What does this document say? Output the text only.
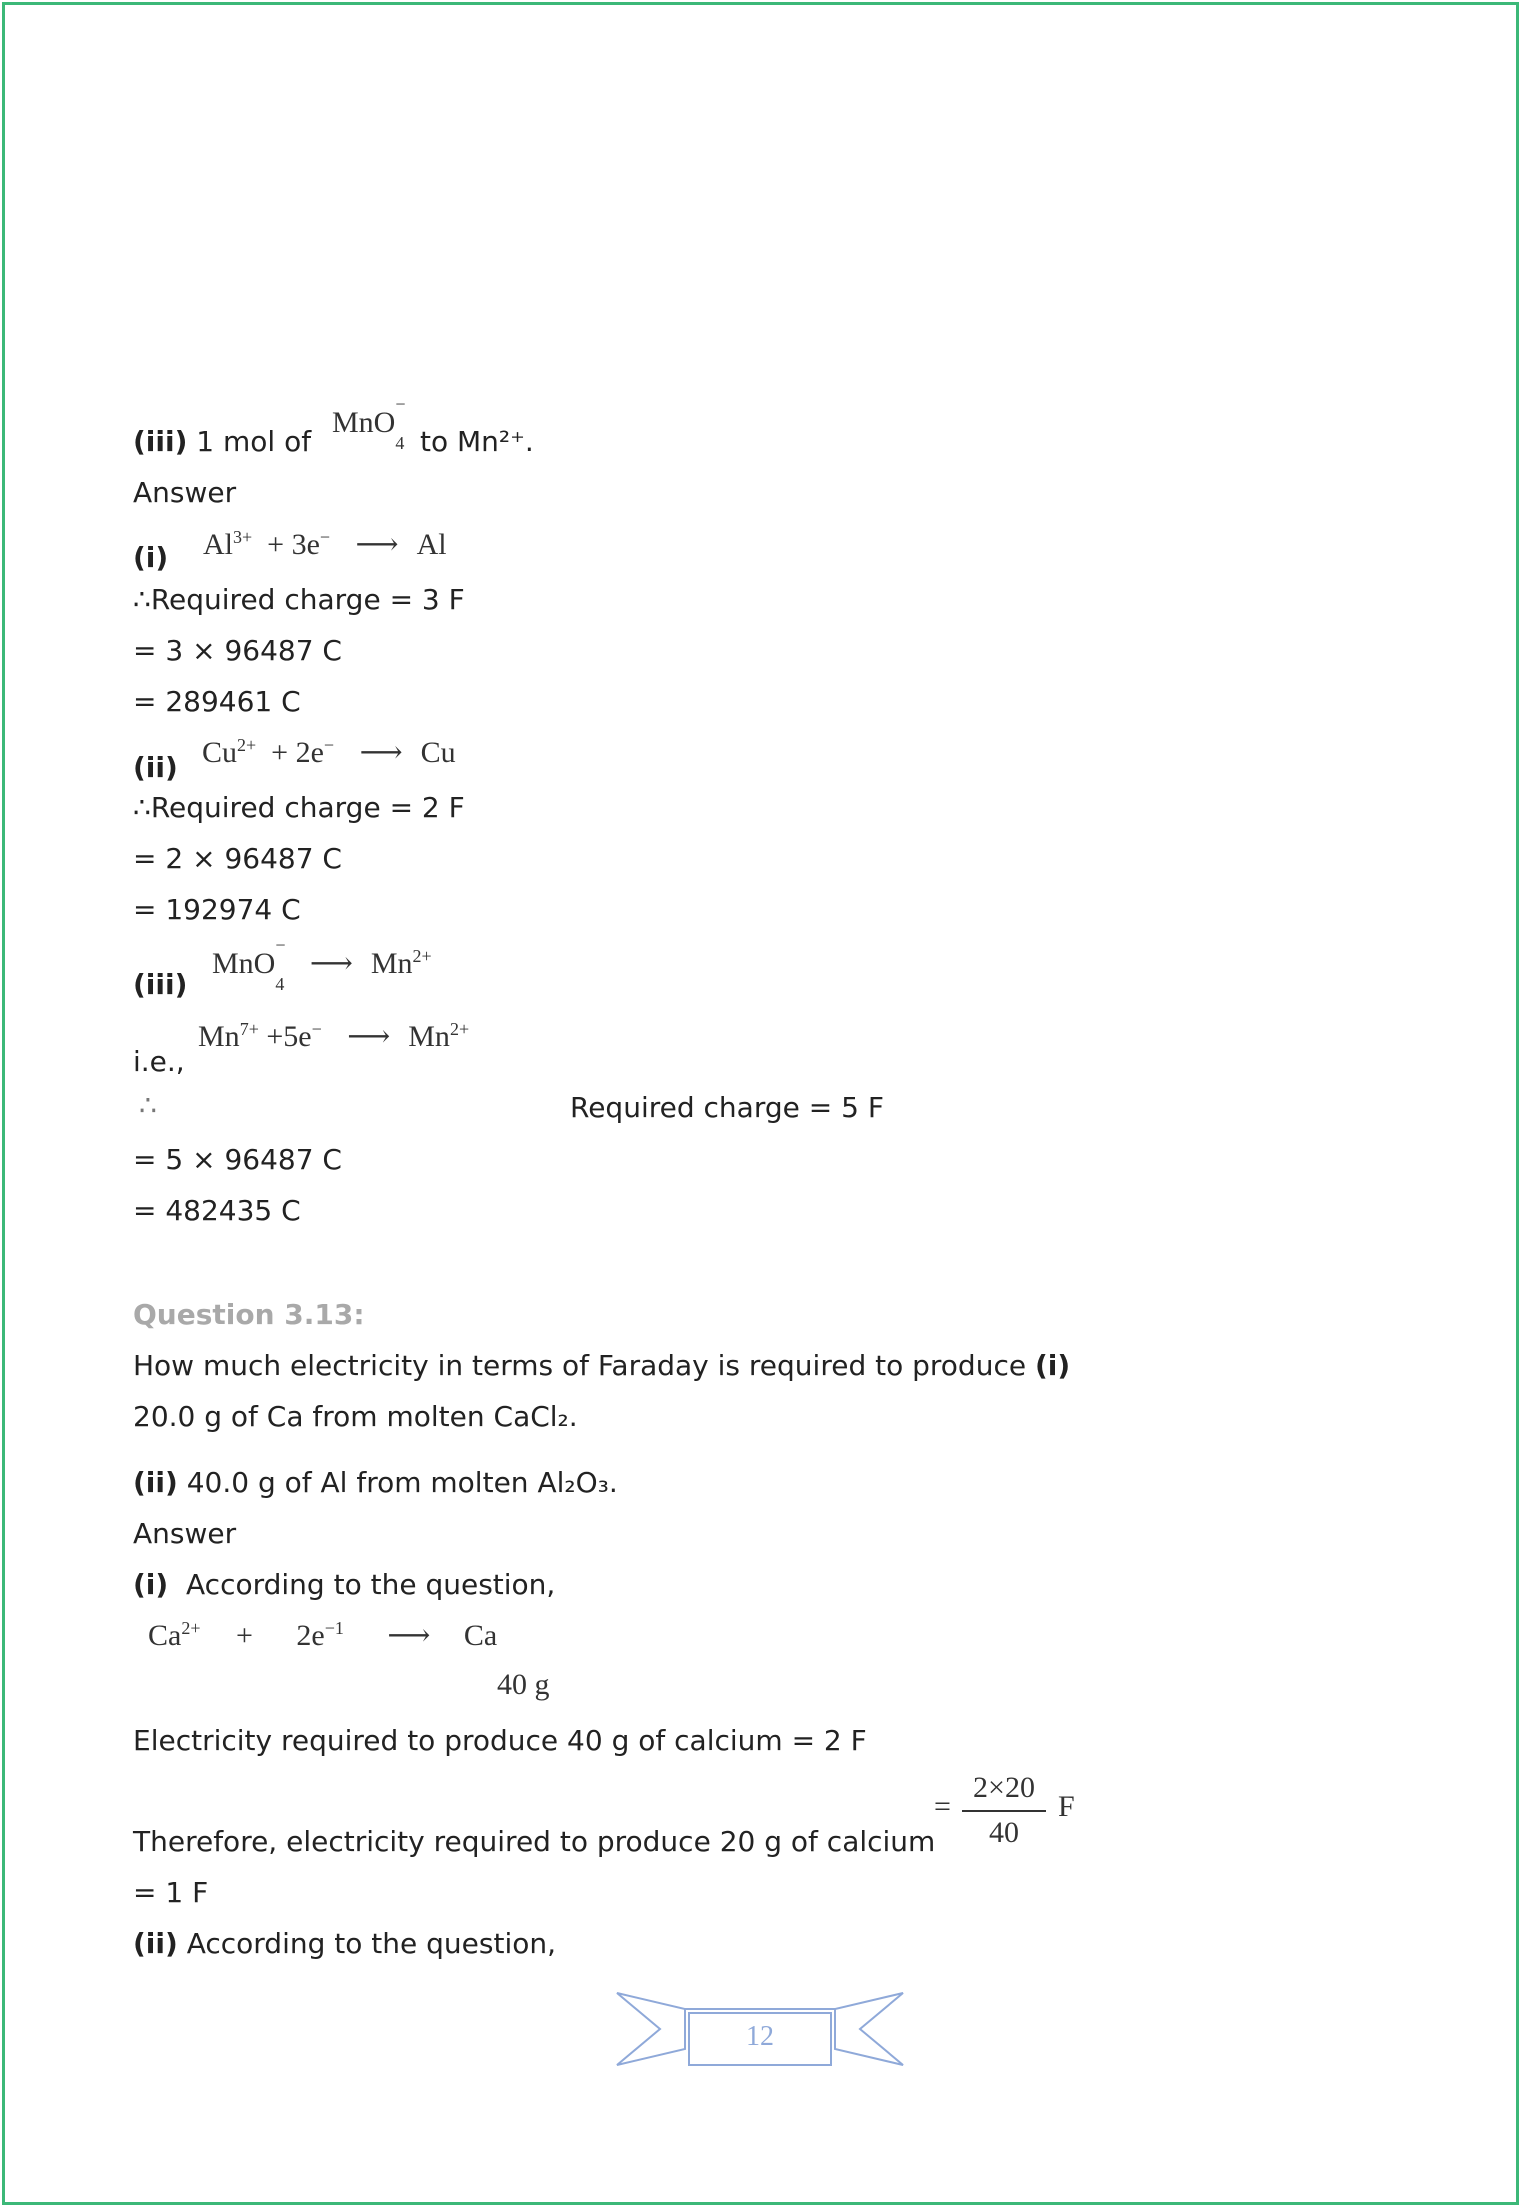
(iii) 1 mol of
MnO
−
$_4$ to Mn²⁺.
Answer
(i) $Al^{3+} + 3e^-$ ⟶ Al
∴Required charge = 3 F
= 3 × 96487 C
= 289461 C
(ii) $Cu^{2+} + 2e^-$ ⟶ Cu
∴Required charge = 2 F
= 2 × 96487 C
= 192974 C
(iii)
MnO
−
$_4$ ⟶ $Mn^{2+}$
i.e.,
$Mn^{7+} +5e^-$ ⟶ $Mn^{2+}$
∴	Required charge = 5 F
= 5 × 96487 C
= 482435 C
Question 3.13:
How much electricity in terms of Faraday is required to produce (i)
20.0 g of Ca from molten CaCl₂.
(ii) 40.0 g of Al from molten Al₂O₃.
Answer
(i) According to the question,
$Ca^{2+} + 2e^{-1}$ ⟶ Ca
40 g
Electricity required to produce 40 g of calcium = 2 F
Therefore, electricity required to produce 20 g of calcium
=
2×20
40
F
= 1 F
(ii) According to the question,
12
